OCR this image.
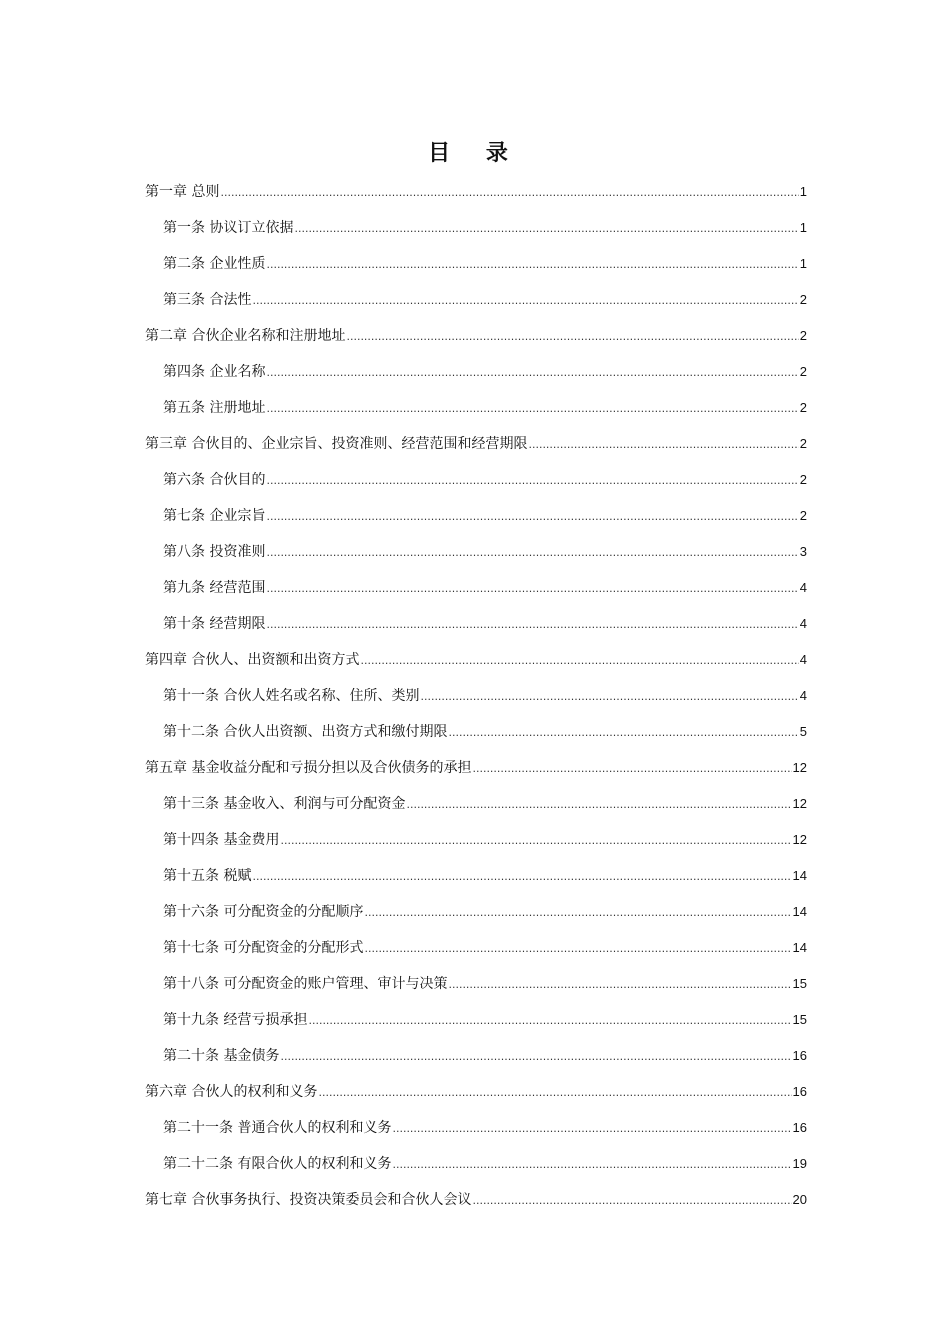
目 录
第一章 总则 .....	1
第一条 协议订立依据 .....	1
第二条 企业性质 .....	1
第三条 合法性 .....	2
第二章 合伙企业名称和注册地址 .....	2
第四条 企业名称 .....	2
第五条 注册地址 .....	2
第三章 合伙目的、企业宗旨、投资准则、经营范围和经营期限 .....	2
第六条 合伙目的 .....	2
第七条 企业宗旨 .....	2
第八条 投资准则 .....	3
第九条 经营范围 .....	4
第十条 经营期限 .....	4
第四章 合伙人、出资额和出资方式 .....	4
第十一条 合伙人姓名或名称、住所、类别 .....	4
第十二条 合伙人出资额、出资方式和缴付期限 .....	5
第五章 基金收益分配和亏损分担以及合伙债务的承担 .....	12
第十三条 基金收入、利润与可分配资金 .....	12
第十四条 基金费用 .....	12
第十五条 税赋 .....	14
第十六条 可分配资金的分配顺序 .....	14
第十七条 可分配资金的分配形式 .....	14
第十八条 可分配资金的账户管理、审计与决策 .....	15
第十九条 经营亏损承担 .....	15
第二十条 基金债务 .....	16
第六章 合伙人的权利和义务 .....	16
第二十一条 普通合伙人的权利和义务 .....	16
第二十二条 有限合伙人的权利和义务 .....	19
第七章 合伙事务执行、投资决策委员会和合伙人会议 .....	20
